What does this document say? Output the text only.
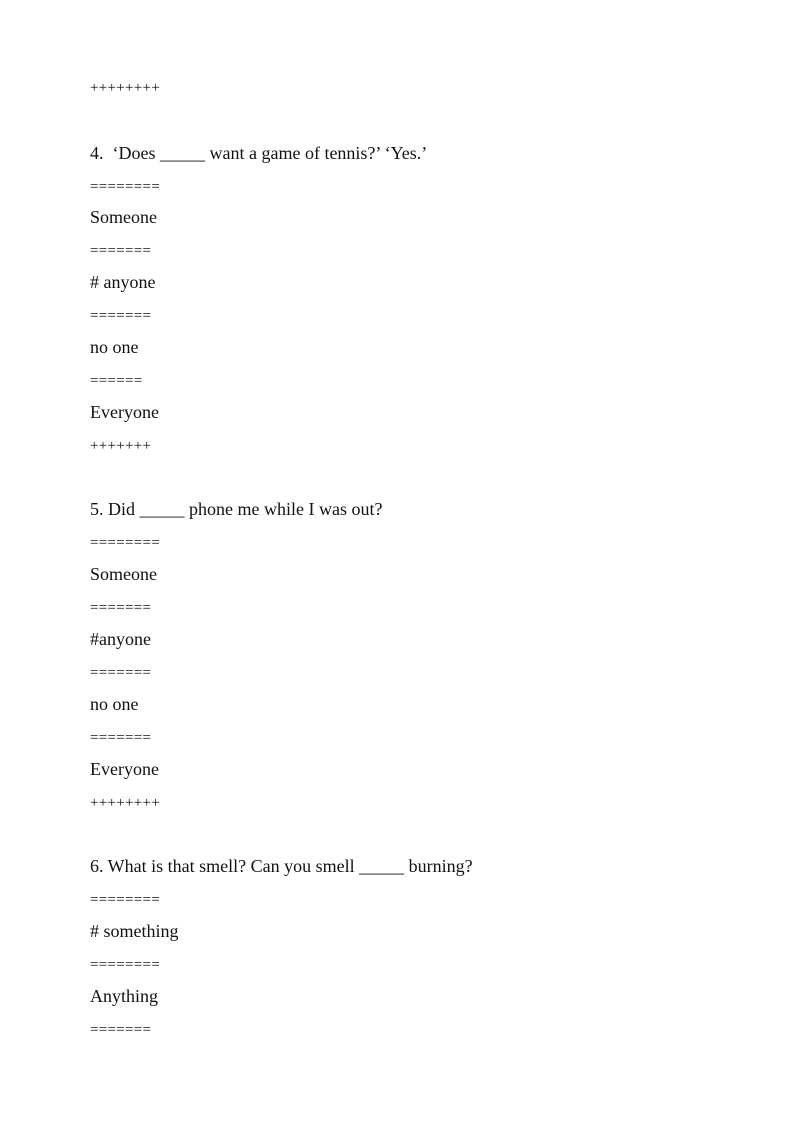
++++++++
4.  ‘Does _____ want a game of tennis?’ ‘Yes.’
========
Someone
=======
# anyone
=======
no one
======
Everyone
+++++++
5. Did _____ phone me while I was out?
========
Someone
=======
#anyone
=======
no one
=======
Everyone
++++++++
6. What is that smell? Can you smell _____ burning?
========
# something
========
Anything
=======
